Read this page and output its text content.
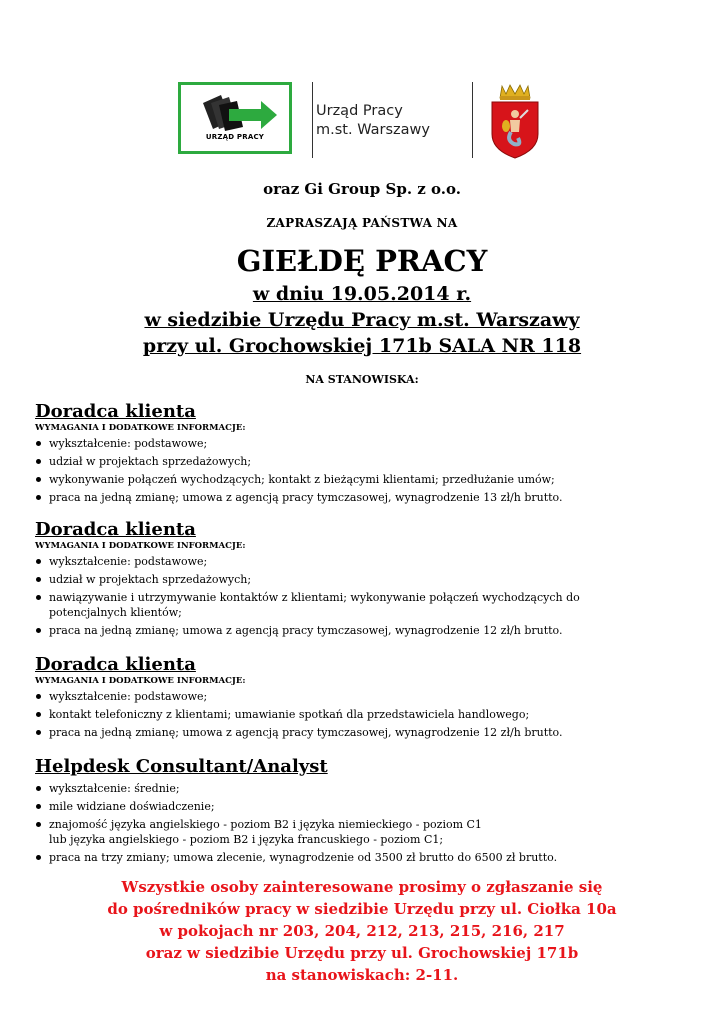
URZĄD PRACY
Urząd Pracy
m.st. Warszawy
oraz Gi Group Sp. z o.o.
ZAPRASZAJĄ PAŃSTWA NA
GIEŁDĘ PRACY
w dniu 19.05.2014 r.
w siedzibie Urzędu Pracy m.st. Warszawy
przy ul. Grochowskiej 171b SALA NR 118
NA STANOWISKA:
Doradca klienta
WYMAGANIA I DODATKOWE INFORMACJE:
wykształcenie: podstawowe;
udział w projektach sprzedażowych;
wykonywanie połączeń wychodzących; kontakt z bieżącymi klientami; przedłużanie umów;
praca na jedną zmianę; umowa z agencją pracy tymczasowej, wynagrodzenie 13 zł/h brutto.
Doradca klienta
WYMAGANIA I DODATKOWE INFORMACJE:
wykształcenie: podstawowe;
udział w projektach sprzedażowych;
nawiązywanie i utrzymywanie kontaktów z klientami; wykonywanie połączeń wychodzących do
potencjalnych klientów;
praca na jedną zmianę; umowa z agencją pracy tymczasowej, wynagrodzenie 12 zł/h brutto.
Doradca klienta
WYMAGANIA I DODATKOWE INFORMACJE:
wykształcenie: podstawowe;
kontakt telefoniczny z klientami; umawianie spotkań dla przedstawiciela handlowego;
praca na jedną zmianę; umowa z agencją pracy tymczasowej, wynagrodzenie 12 zł/h brutto.
Helpdesk Consultant/Analyst
wykształcenie: średnie;
mile widziane doświadczenie;
znajomość języka angielskiego - poziom B2 i języka niemieckiego - poziom C1
lub języka angielskiego - poziom B2 i języka francuskiego - poziom C1;
praca na trzy zmiany; umowa zlecenie, wynagrodzenie od 3500 zł brutto do 6500 zł brutto.
Wszystkie osoby zainteresowane prosimy o zgłaszanie się
do pośredników pracy w siedzibie Urzędu przy ul. Ciołka 10a
w pokojach nr 203, 204, 212, 213, 215, 216, 217
oraz w siedzibie Urzędu przy ul. Grochowskiej 171b
na stanowiskach: 2-11.
